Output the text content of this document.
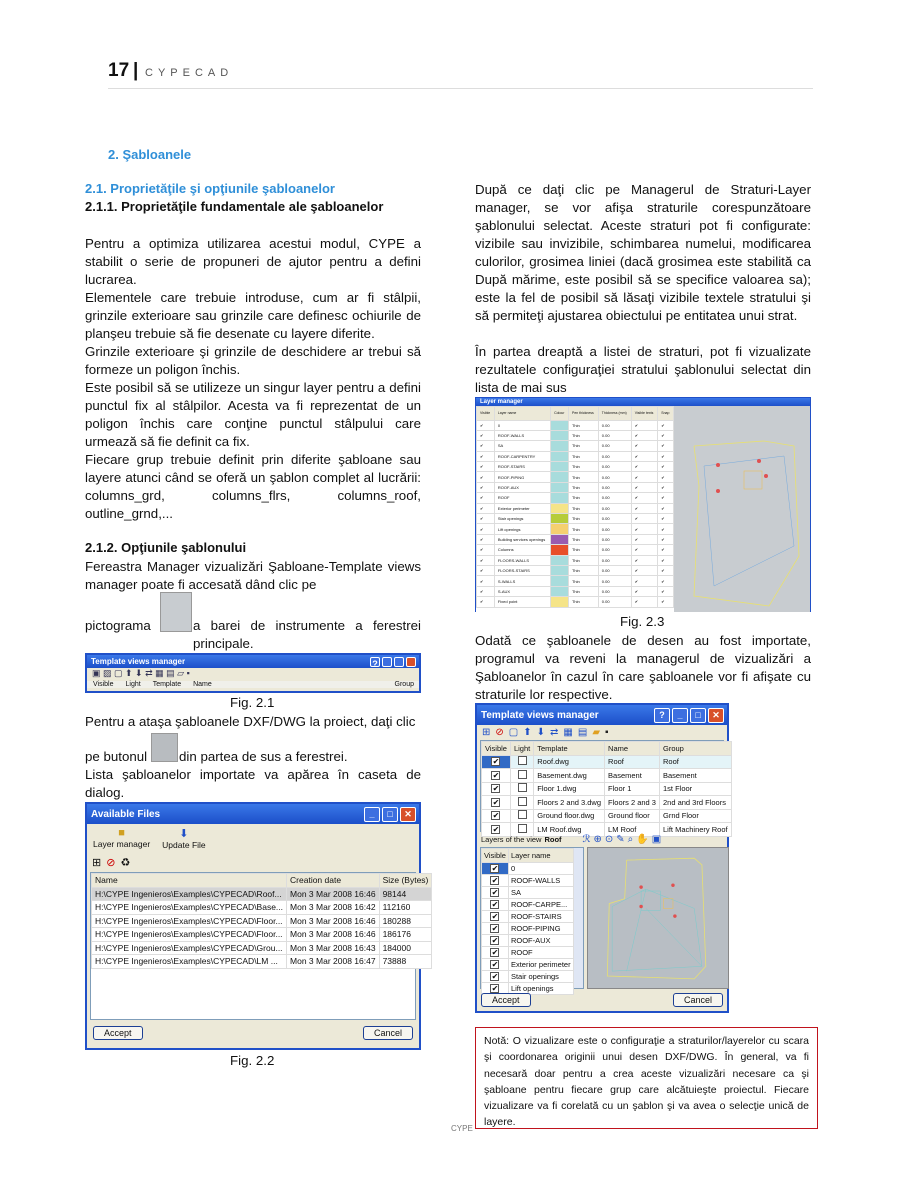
17 | CYPECAD
2. Şabloanele
2.1. Proprietăţile şi opţiunile şabloanelor
2.1.1. Proprietăţile fundamentale ale şabloanelor

Pentru a optimiza utilizarea acestui modul, CYPE a stabilit o serie de propuneri de ajutor pentru a defini lucrarea.

Elementele care trebuie introduse, cum ar fi stâlpii, grinzile exterioare sau grinzile care definesc ochiurile de planşeu trebuie să fie desenate cu layere diferite.

Grinzile exterioare şi grinzile de deschidere ar trebui să formeze un poligon închis.

Este posibil să se utilizeze un singur layer pentru a defini punctul fix al stâlpilor. Acesta va fi reprezentat de un poligon închis care conţine punctul stâlpului care urmează să fie definit ca fix.

Fiecare grup trebuie definit prin diferite şabloane sau layere atunci când se oferă un şablon complet al lucrării: columns_grd, columns_flrs, columns_roof, outline_grnd,...

2.1.2. Opţiunile şablonului
Fereastra Manager vizualizări Şabloane-Template views manager poate fi accesată dând clic pe
pictograma	a barei de instrumente a ferestrei principale.
Template views manager	?
▣ ▨ ▢ ⬆ ⬇ ⇄ ▦ ▤ ▱ ▪
Visible Light Template Name	Group
Fig. 2.1
Pentru a ataşa şabloanele DXF/DWG la proiect, daţi clic
pe butonul din partea de sus a ferestrei.
Lista şabloanelor importate va apărea în caseta de dialog.
Available Files	_	□	✕
■
Layer manager
⬇
Update File
⊞ ⊘ ♻
Name	Creation date	Size (Bytes)
H:\CYPE Ingenieros\Examples\CYPECAD\Roof...	Mon 3 Mar 2008 16:46	98144
H:\CYPE Ingenieros\Examples\CYPECAD\Base...	Mon 3 Mar 2008 16:42	112160
H:\CYPE Ingenieros\Examples\CYPECAD\Floor...	Mon 3 Mar 2008 16:46	180288
H:\CYPE Ingenieros\Examples\CYPECAD\Floor...	Mon 3 Mar 2008 16:46	186176
H:\CYPE Ingenieros\Examples\CYPECAD\Grou...	Mon 3 Mar 2008 16:43	184000
H:\CYPE Ingenieros\Examples\CYPECAD\LM ...	Mon 3 Mar 2008 16:47	73888
Accept	Cancel
Fig. 2.2
După ce daţi clic pe Managerul de Straturi-Layer manager, se vor afişa straturile corespunzătoare şablonului selectat. Aceste straturi pot fi configurate: vizibile sau invizibile, schimbarea numelui, modificarea culorilor, grosimea liniei (dacă grosimea este stabilită ca După mărime, este posibil să se specifice valoarea sa); este la fel de posibil să lăsaţi vizibile textele stratului şi să permiteţi ajustarea obiectului pe entitatea unui strat.
În partea dreaptă a listei de straturi, pot fi vizualizate rezultatele configuraţiei stratului şablonului selectat din lista de mai sus
Layer manager
Visible	Layer name	Colour	Pen thickness	Thickness (mm)	Visible texts	Snap
✔	0		Thin	0.00	✔	✔
✔	ROOF-WALLS		Thin	0.00	✔	✔
✔	SA		Thin	0.00	✔	✔
✔	ROOF-CARPENTRY		Thin	0.00	✔	✔
✔	ROOF-STAIRS		Thin	0.00	✔	✔
✔	ROOF-PIPING		Thin	0.00	✔	✔
✔	ROOF-AUX		Thin	0.00	✔	✔
✔	ROOF		Thin	0.00	✔	✔
✔	Exterior perimeter		Thin	0.00	✔	✔
✔	Stair openings		Thin	0.00	✔	✔
✔	Lift openings		Thin	0.00	✔	✔
✔	Building services openings		Thin	0.00	✔	✔
✔	Columns		Thin	0.00	✔	✔
✔	FLOORS-WALLS		Thin	0.00	✔	✔
✔	FLOORS-STAIRS		Thin	0.00	✔	✔
✔	S-WALLS		Thin	0.00	✔	✔
✔	S-AUX		Thin	0.00	✔	✔
✔	Fixed point		Thin	0.00	✔	✔
Fig. 2.3
Odată ce şabloanele de desen au fost importate, programul va reveni la managerul de vizualizări a Şabloanelor în cazul în care şabloanele vor fi afişate cu straturile lor respective.
Template views manager	?	_	□	✕
⊞ ⊘ ▢ ⬆ ⬇ ⇄ ▦ ▤ ▰ ▪
Visible	Light	Template	Name	Group
✔		Roof.dwg	Roof	Roof
✔		Basement.dwg	Basement	Basement
✔		Floor 1.dwg	Floor 1	1st Floor
✔		Floors 2 and 3.dwg	Floors 2 and 3	2nd and 3rd Floors
✔		Ground floor.dwg	Ground floor	Grnd Floor
✔		LM Roof.dwg	LM Roof	Lift Machinery Roof
Layers of the view Roof ℛ⊕⊙✎⌕✋▣
Visible	Layer name
✔	0
✔	ROOF-WALLS
✔	SA
✔	ROOF-CARPE...
✔	ROOF-STAIRS
✔	ROOF-PIPING
✔	ROOF-AUX
✔	ROOF
✔	Exterior perimeter
✔	Stair openings
✔	Lift openings
Accept	Cancel
Notă: O vizualizare este o configuraţie a straturilor/layerelor cu scara şi coordonarea originii unui desen DXF/DWG. În general, va fi necesară doar pentru a crea aceste vizualizări necesare ca şi şabloane pentru fiecare grup care alcătuieşte proiectul. Fiecare vizualizare va fi corelată cu un şablon şi va avea o selecţie unică de layere.
CYPE
